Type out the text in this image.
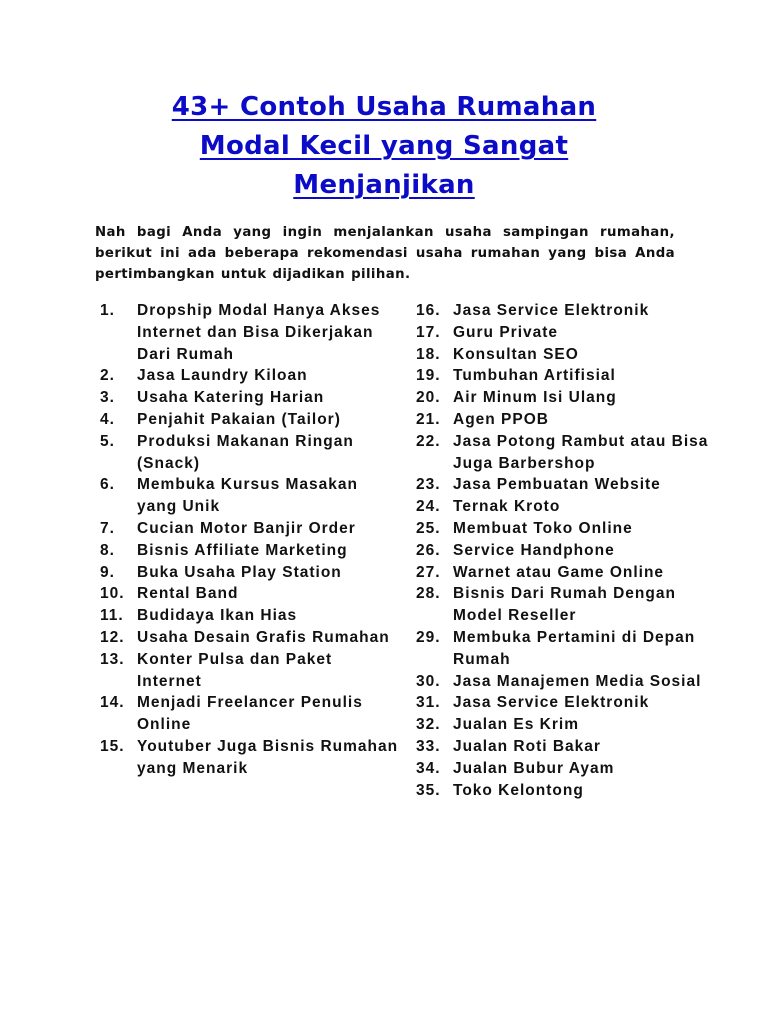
43+ Contoh Usaha Rumahan
Modal Kecil yang Sangat
Menjanjikan

Nah bagi Anda yang ingin menjalankan usaha sampingan rumahan, berikut ini ada beberapa rekomendasi usaha rumahan yang bisa Anda pertimbangkan untuk dijadikan pilihan.

1.	Dropship Modal Hanya Akses Internet dan Bisa Dikerjakan Dari Rumah
2.	Jasa Laundry Kiloan
3.	Usaha Katering Harian
4.	Penjahit Pakaian (Tailor)
5.	Produksi Makanan Ringan (Snack)
6.	Membuka Kursus Masakan yang Unik
7.	Cucian Motor Banjir Order
8.	Bisnis Affiliate Marketing
9.	Buka Usaha Play Station
10. Rental Band
11. Budidaya Ikan Hias
12. Usaha Desain Grafis Rumahan
13. Konter Pulsa dan Paket Internet
14. Menjadi Freelancer Penulis Online
15. Youtuber Juga Bisnis Rumahan yang Menarik
16. Jasa Service Elektronik
17. Guru Private
18. Konsultan SEO
19. Tumbuhan Artifisial
20. Air Minum Isi Ulang
21. Agen PPOB
22. Jasa Potong Rambut atau Bisa Juga Barbershop
23. Jasa Pembuatan Website
24. Ternak Kroto
25. Membuat Toko Online
26. Service Handphone
27. Warnet atau Game Online
28. Bisnis Dari Rumah Dengan Model Reseller
29. Membuka Pertamini di Depan Rumah
30. Jasa Manajemen Media Sosial
31. Jasa Service Elektronik
32. Jualan Es Krim
33. Jualan Roti Bakar
34. Jualan Bubur Ayam
35. Toko Kelontong
